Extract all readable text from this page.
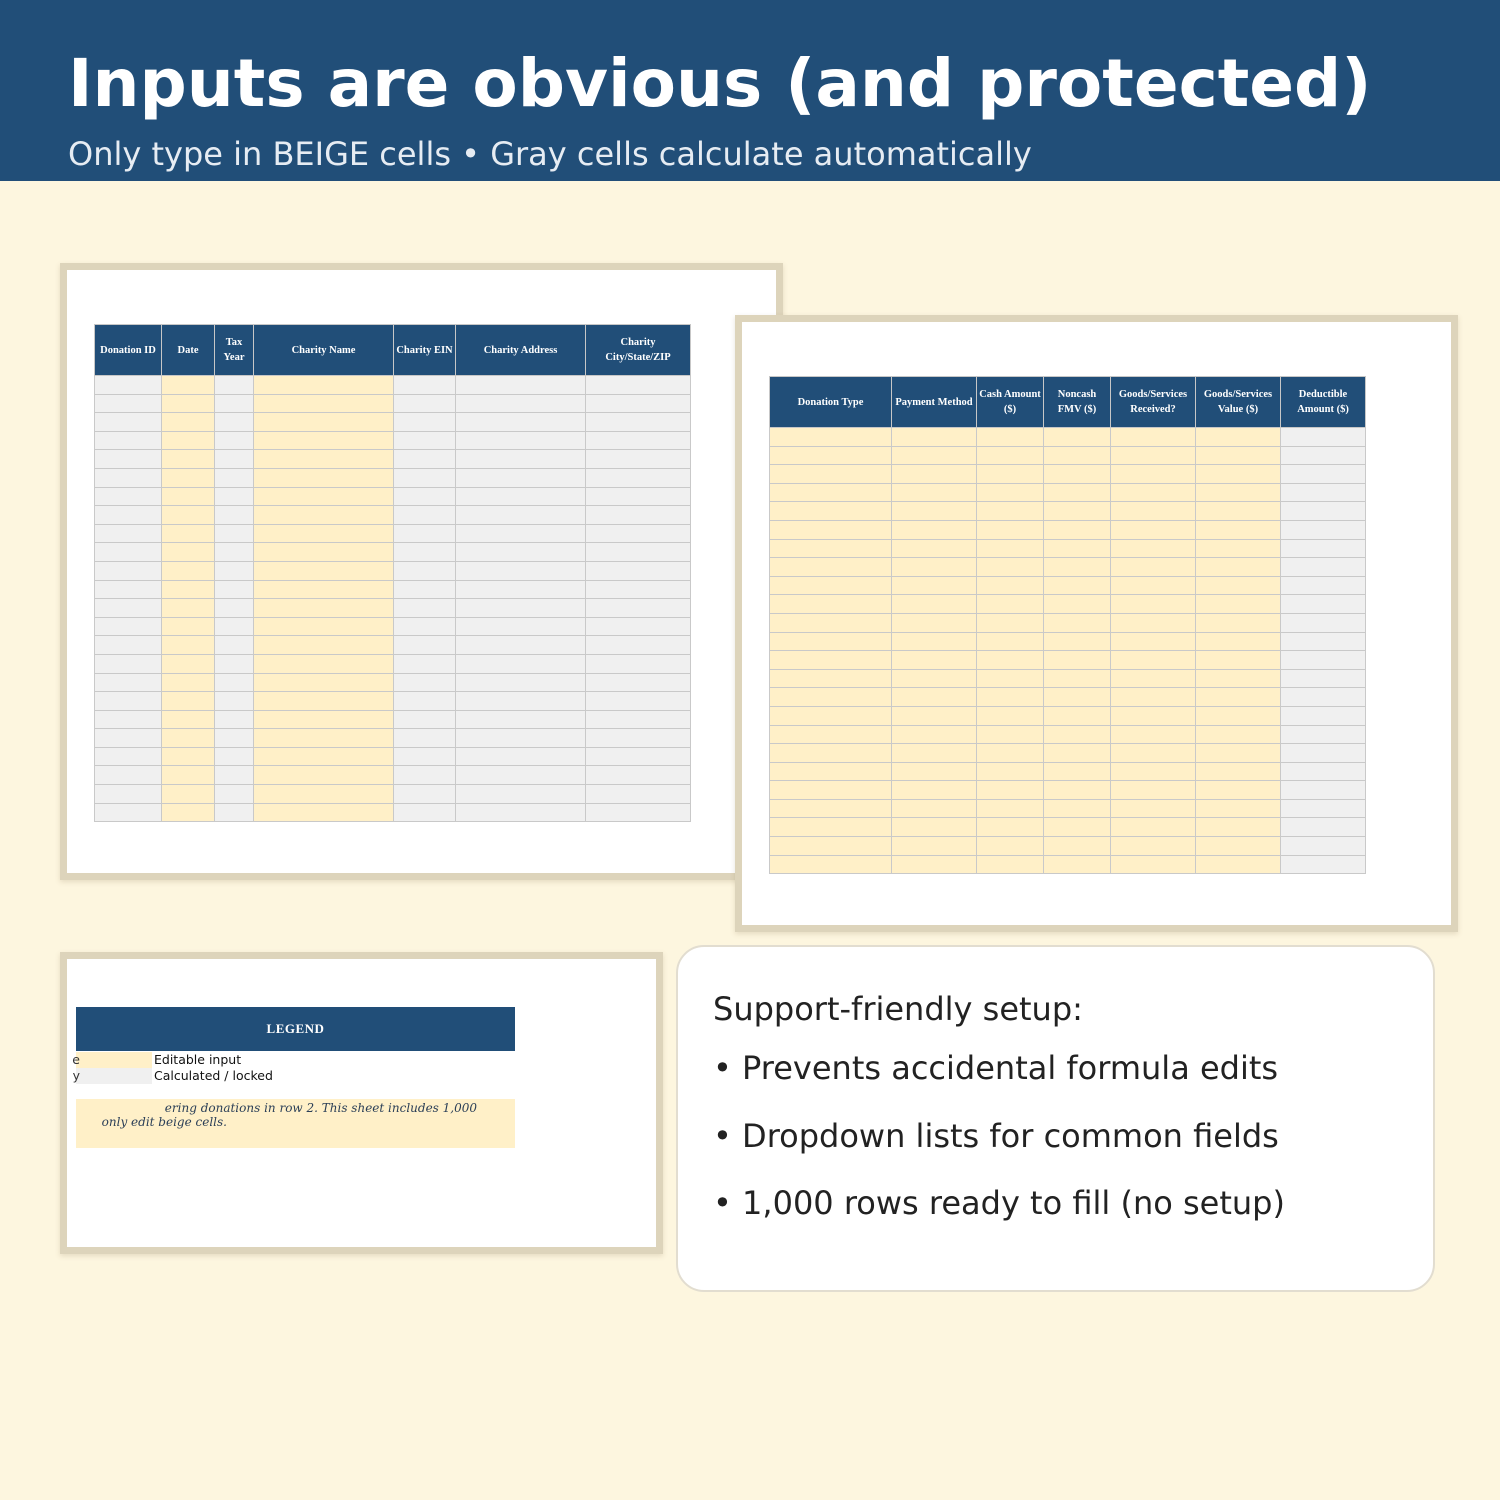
Inputs are obvious (and protected)
Only type in BEIGE cells • Gray cells calculate automatically
Donation ID	Date	Tax Year	Charity Name	Charity EIN	Charity Address	Charity City/State/ZIP

Donation Type	Payment Method	Cash Amount ($)	Noncash FMV ($)	Goods/Services Received?	Goods/Services Value ($)	Deductible Amount ($)

LEGEND
e	Editable input
y	Calculated / locked
ering donations in row 2. This sheet includes 1,000
only edit beige cells.
Support-friendly setup:
• Prevents accidental formula edits
• Dropdown lists for common fields
• 1,000 rows ready to fill (no setup)
